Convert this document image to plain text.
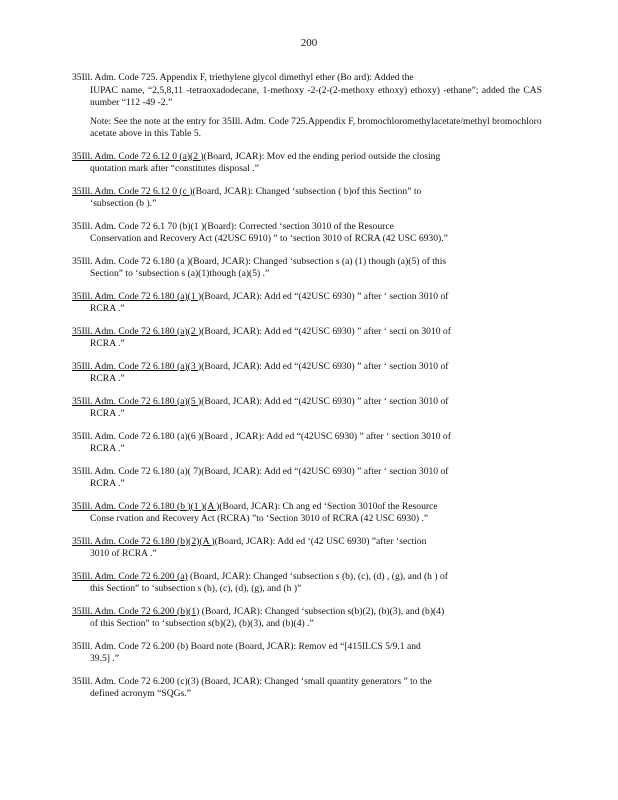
200
35Ill. Adm. Code 725. Appendix F, triethylene glycol dimethyl ether (Bo ard): Added the
IUPAC name, “2,5,8,11 -tetraoxadodecane, 1-methoxy -2-(2-(2-methoxy ethoxy) ethoxy) -ethane”; added the CAS number “112 -49 -2.”
Note: See the note at the entry for 35Ill. Adm. Code 725.Appendix F, bromochloromethylacetate/methyl bromochloro acetate above in this Table 5.
35Ill. Adm. Code 72 6.12 0 (a)(2 )(Board, JCAR): Mov ed the ending period outside the closing
quotation mark after “constitutes disposal .”
35Ill. Adm. Code 72 6.12 0 (c )(Board, JCAR): Changed ‘subsection ( b)of this Section” to
‘subsection (b ).”
35Ill. Adm. Code 72 6.1 70 (b)(1 )(Board): Corrected ‘section 3010 of the Resource
Conservation and Recovery Act (42USC 6910) ” to ‘section 3010 of RCRA (42 USC 6930).”
35Ill. Adm. Code 72 6.180 (a )(Board, JCAR): Changed ‘subsection s (a) (1) though (a)(5) of this
Section” to ‘subsection s (a)(1)though (a)(5) .”
35Ill. Adm. Code 72 6.180 (a)(1 )(Board, JCAR): Add ed “(42USC 6930) ” after ‘ section 3010 of
RCRA .”
35Ill. Adm. Code 72 6.180 (a)(2 )(Board, JCAR): Add ed “(42USC 6930) ” after ‘ secti on 3010 of
RCRA .”
35Ill. Adm. Code 72 6.180 (a)(3 )(Board, JCAR): Add ed “(42USC 6930) ” after ‘ section 3010 of
RCRA .”
35Ill. Adm. Code 72 6.180 (a)(5 )(Board, JCAR): Add ed “(42USC 6930) ” after ‘ section 3010 of
RCRA .”
35Ill. Adm. Code 72 6.180 (a)(6 )(Board , JCAR): Add ed “(42USC 6930) ” after ‘ section 3010 of
RCRA .”
35Ill. Adm. Code 72 6.180 (a)( 7)(Board, JCAR): Add ed “(42USC 6930) ” after ‘ section 3010 of
RCRA .”
35Ill. Adm. Code 72 6.180 (b )(1 )(A )(Board, JCAR): Ch ang ed ‘Section 3010of the Resource
Conse rvation and Recovery Act (RCRA) ”to ‘Section 3010 of RCRA (42 USC 6930) .”
35Ill. Adm. Code 72 6.180 (b)(2)(A )(Board, JCAR): Add ed ‘(42 USC 6930) ”after ‘section
3010 of RCRA .”
35Ill. Adm. Code 72 6.200 (a) (Board, JCAR): Changed ‘subsection s (b), (c), (d) , (g), and (h ) of
this Section” to ‘subsection s (b), (c), (d), (g), and (h )”
35Ill. Adm. Code 72 6.200 (b)(1) (Board, JCAR): Changed ‘subsection s(b)(2), (b)(3), and (b)(4)
of this Section” to ‘subsection s(b)(2), (b)(3), and (b)(4) .”
35Ill. Adm. Code 72 6.200 (b) Board note (Board, JCAR): Remov ed “[415ILCS 5/9.1 and
39.5] .”
35Ill. Adm. Code 72 6.200 (c)(3) (Board, JCAR): Changed ‘small quantity generators ” to the
defined acronym “SQGs.”
